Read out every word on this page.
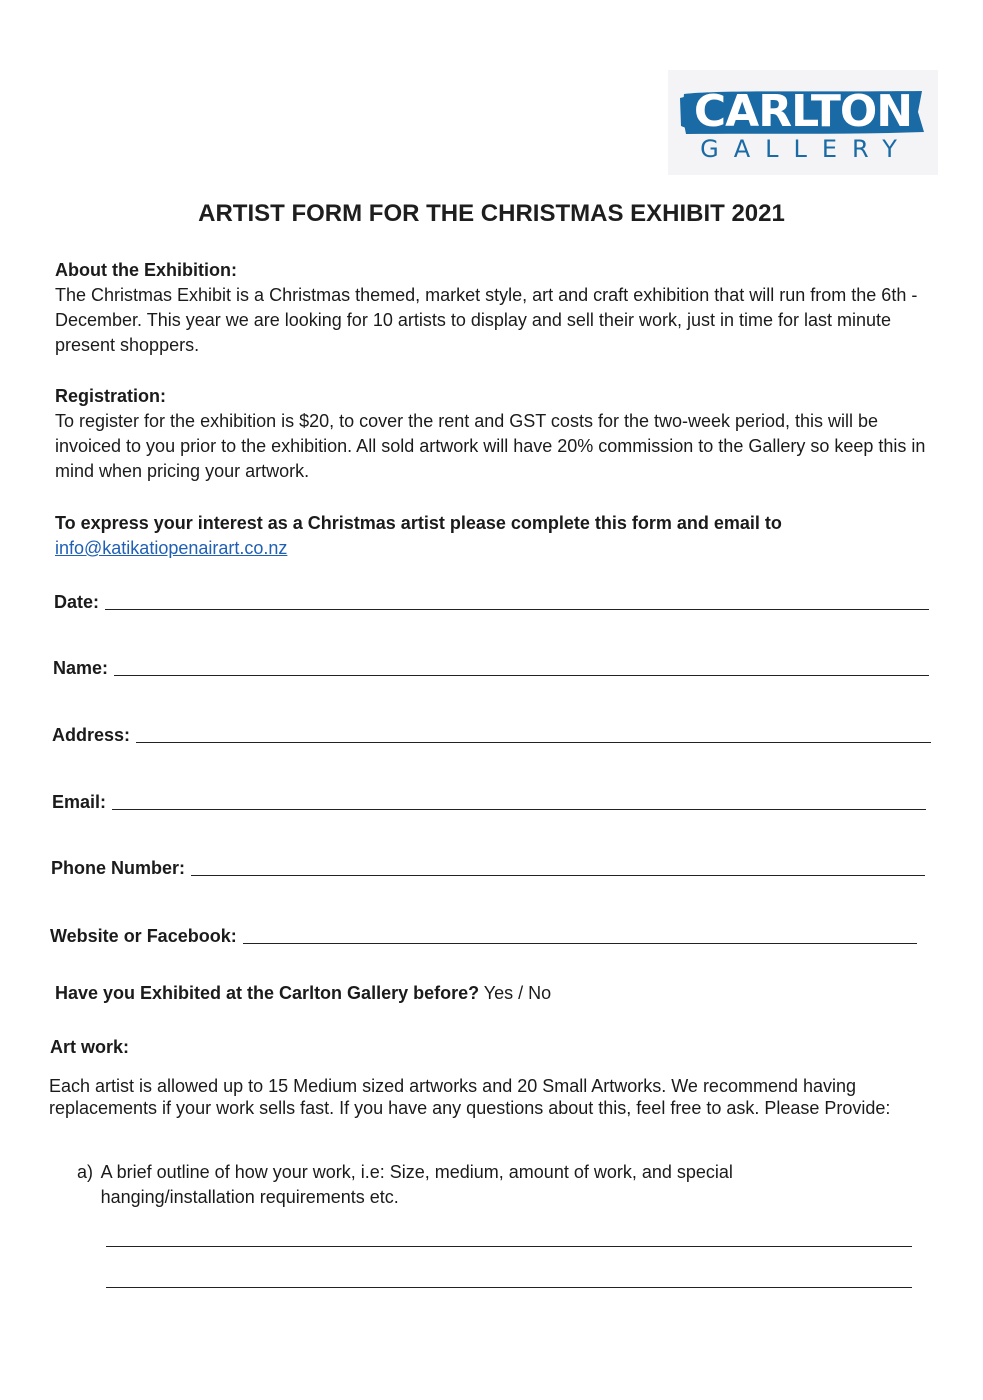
CARLTON
GALLERY
ARTIST FORM FOR THE CHRISTMAS EXHIBIT 2021
About the Exhibition:

The Christmas Exhibit is a Christmas themed, market style, art and craft exhibition that will run from the 6th - December. This year we are looking for 10 artists to display and sell their work, just in time for last minute present shoppers.

Registration:

To register for the exhibition is $20, to cover the rent and GST costs for the two-week period, this will be invoiced to you prior to the exhibition. All sold artwork will have 20% commission to the Gallery so keep this in mind when pricing your artwork.

To express your interest as a Christmas artist please complete this form and email to
info@katikatiopenairart.co.nz
Date:
Name:
Address:
Email:
Phone Number:
Website or Facebook:
Have you Exhibited at the Carlton Gallery before? Yes / No
Art work:

Each artist is allowed up to 15 Medium sized artworks and 20 Small Artworks. We recommend having replacements if your work sells fast. If you have any questions about this, feel free to ask. Please Provide:

a) A brief outline of how your work, i.e: Size, medium, amount of work, and special hanging/installation requirements etc.
